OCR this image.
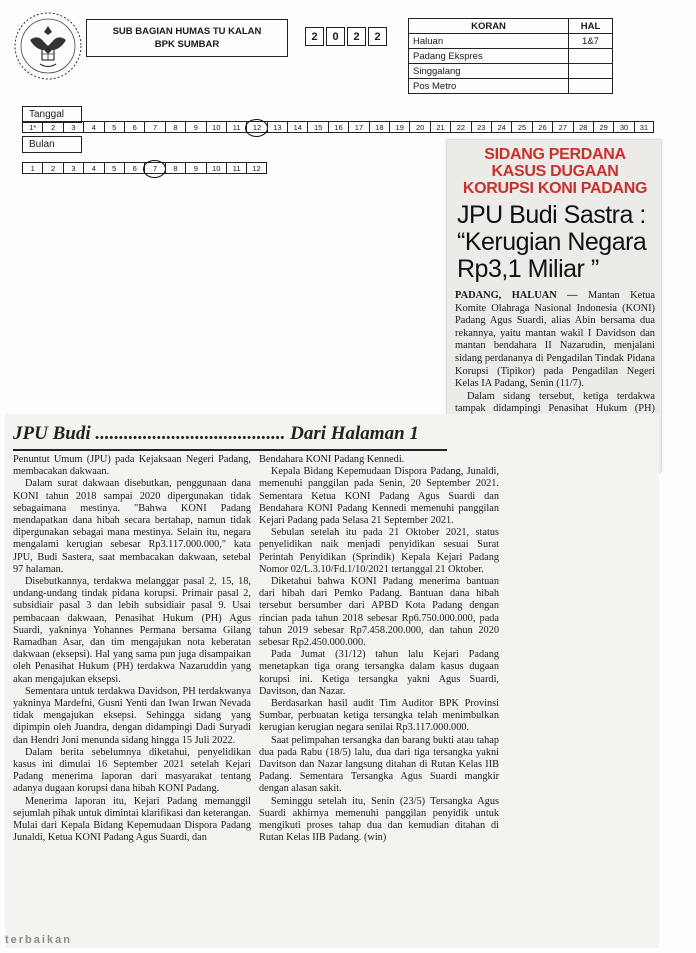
SUB BAGIAN HUMAS TU KALAN
BPK SUMBAR
2	0	2	2
KORAN	HAL
Haluan	1&7
Padang Ekspres	
Singgalang	
Pos Metro	
Tanggal
1*	2	3	4	5	6	7	8	9	10	11	12	13	14	15	16	17	18	19	20	21	22	23	24	25	26	27	28	29	30	31
Bulan
1	2	3	4	5	6	7	8	9	10	11	12
SIDANG PERDANA
KASUS DUGAAN
KORUPSI KONI PADANG
JPU Budi Sastra :
“Kerugian Negara
Rp3,1 Miliar ”

PADANG, HALUAN — Mantan Ketua Komite Olahraga Nasional Indonesia (KONI) Padang Agus Suardi, alias Abin bersama dua rekannya, yaitu mantan wakil I Davidson dan mantan bendahara II Nazarudin, menjalani sidang perdananya di Pengadilan Tindak Pidana Korupsi (Tipikor) pada Pengadilan Negeri Kelas IA Padang, Senin (11/7).

Dalam sidang tersebut, ketiga terdakwa tampak didampingi Penasihat Hukum (PH)

JPU Budi ........................................ Dari Halaman 1

Penuntut Umum (JPU) pada Kejaksaan Negeri Padang, membacakan dakwaan.

Dalam surat dakwaan disebutkan, penggunaan dana KONI tahun 2018 sampai 2020 dipergunakan tidak sebagaimana mestinya. "Bahwa KONI Padang mendapatkan dana hibah secara bertahap, namun tidak dipergunakan sebagai mana mestinya. Selain itu, negara mengalami kerugian sebesar Rp3.117.000.000," kata JPU, Budi Sastera, saat membacakan dakwaan, setebal 97 halaman.

Disebutkannya, terdakwa melanggar pasal 2, 15, 18, undang-undang tindak pidana korupsi. Primair pasal 2, subsidiair pasal 3 dan lebih subsidiair pasal 9. Usai pembacaan dakwaan, Penasihat Hukum (PH) Agus Suardi, yakninya Yohannes Permana bersama Gilang Ramadhan Asar, dan tim mengajukan nota keberatan dakwaan (eksepsi). Hal yang sama pun juga disampaikan oleh Penasihat Hukum (PH) terdakwa Nazaruddin yang akan mengajukan eksepsi.

Sementara untuk terdakwa Davidson, PH terdakwanya yakninya Mardefni, Gusni Yenti dan Iwan Irwan Nevada tidak mengajukan eksepsi. Sehingga sidang yang dipimpin oleh Juandra, dengan didampingi Dadi Suryadi dan Hendri Joni menunda sidang hingga 15 Juli 2022.

Dalam berita sebelumnya diketahui, penyelidikan kasus ini dimulai 16 September 2021 setelah Kejari Padang menerima laporan dari masyarakat tentang adanya dugaan korupsi dana hibah KONI Padang.

Menerima laporan itu, Kejari Padang memanggil sejumlah pihak untuk dimintai klarifikasi dan keterangan. Mulai dari Kepala Bidang Kepemudaan Dispora Padang Junaldi, Ketua KONI Padang Agus Suardi, dan

Bendahara KONI Padang Kennedi.

Kepala Bidang Kepemudaan Dispora Padang, Junaldi, memenuhi panggilan pada Senin, 20 September 2021. Sementara Ketua KONI Padang Agus Suardi dan Bendahara KONI Padang Kennedi memenuhi panggilan Kejari Padang pada Selasa 21 September 2021.

Sebulan setelah itu pada 21 Oktober 2021, status penyelidikan naik menjadi penyidikan sesuai Surat Perintah Penyidikan (Sprindik) Kepala Kejari Padang Nomor 02/L.3.10/Fd.1/10/2021 tertanggal 21 Oktober.

Diketahui bahwa KONI Padang menerima bantuan dari hibah dari Pemko Padang. Bantuan dana hibah tersebut bersumber dari APBD Kota Padang dengan rincian pada tahun 2018 sebesar Rp6.750.000.000, pada tahun 2019 sebesar Rp7.458.200.000, dan tahun 2020 sebesar Rp2.450.000.000.

Pada Jumat (31/12) tahun lalu Kejari Padang menetapkan tiga orang tersangka dalam kasus dugaan korupsi ini. Ketiga tersangka yakni Agus Suardi, Davitson, dan Nazar.

Berdasarkan hasil audit Tim Auditor BPK Provinsi Sumbar, perbuatan ketiga tersangka telah menimbulkan kerugian kerugian negara senilai Rp3.117.000.000.

Saat pelimpahan tersangka dan barang bukti atau tahap dua pada Rabu (18/5) lalu, dua dari tiga tersangka yakni Davitson dan Nazar langsung ditahan di Rutan Kelas IIB Padang. Sementara Tersangka Agus Suardi mangkir dengan alasan sakit.

Seminggu setelah itu, Senin (23/5) Tersangka Agus Suardi akhirnya memenuhi panggilan penyidik untuk mengikuti proses tahap dua dan kemudian ditahan di Rutan Kelas IIB Padang. (win)

terbaikan
